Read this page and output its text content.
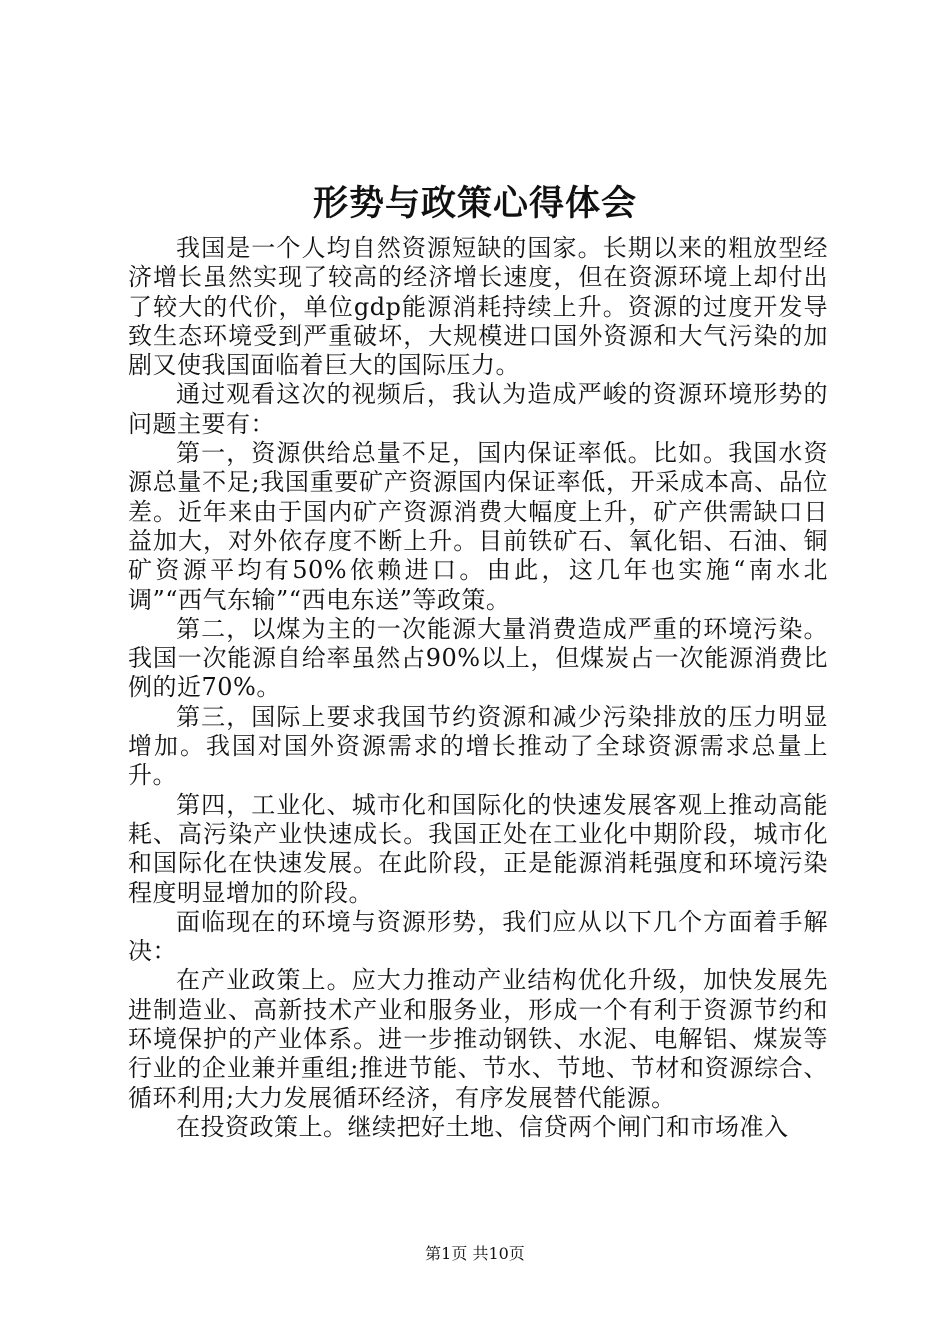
形势与政策心得体会

我国是一个人均自然资源短缺的国家。长期以来的粗放型经济增长虽然实现了较高的经济增长速度，但在资源环境上却付出了较大的代价，单位gdp能源消耗持续上升。资源的过度开发导致生态环境受到严重破坏，大规模进口国外资源和大气污染的加剧又使我国面临着巨大的国际压力。

通过观看这次的视频后，我认为造成严峻的资源环境形势的问题主要有：

第一，资源供给总量不足，国内保证率低。比如。我国水资源总量不足;我国重要矿产资源国内保证率低，开采成本高、品位差。近年来由于国内矿产资源消费大幅度上升，矿产供需缺口日益加大，对外依存度不断上升。目前铁矿石、氧化铝、石油、铜矿资源平均有50%依赖进口。由此，这几年也实施“南水北调”“西气东输”“西电东送”等政策。

第二，以煤为主的一次能源大量消费造成严重的环境污染。我国一次能源自给率虽然占90%以上，但煤炭占一次能源消费比例的近70%。

第三，国际上要求我国节约资源和减少污染排放的压力明显增加。我国对国外资源需求的增长推动了全球资源需求总量上升。

第四，工业化、城市化和国际化的快速发展客观上推动高能耗、高污染产业快速成长。我国正处在工业化中期阶段，城市化和国际化在快速发展。在此阶段，正是能源消耗强度和环境污染程度明显增加的阶段。

面临现在的环境与资源形势，我们应从以下几个方面着手解决：

在产业政策上。应大力推动产业结构优化升级，加快发展先进制造业、高新技术产业和服务业，形成一个有利于资源节约和环境保护的产业体系。进一步推动钢铁、水泥、电解铝、煤炭等行业的企业兼并重组;推进节能、节水、节地、节材和资源综合、循环利用;大力发展循环经济，有序发展替代能源。

在投资政策上。继续把好土地、信贷两个闸门和市场准入

第1页 共10页
